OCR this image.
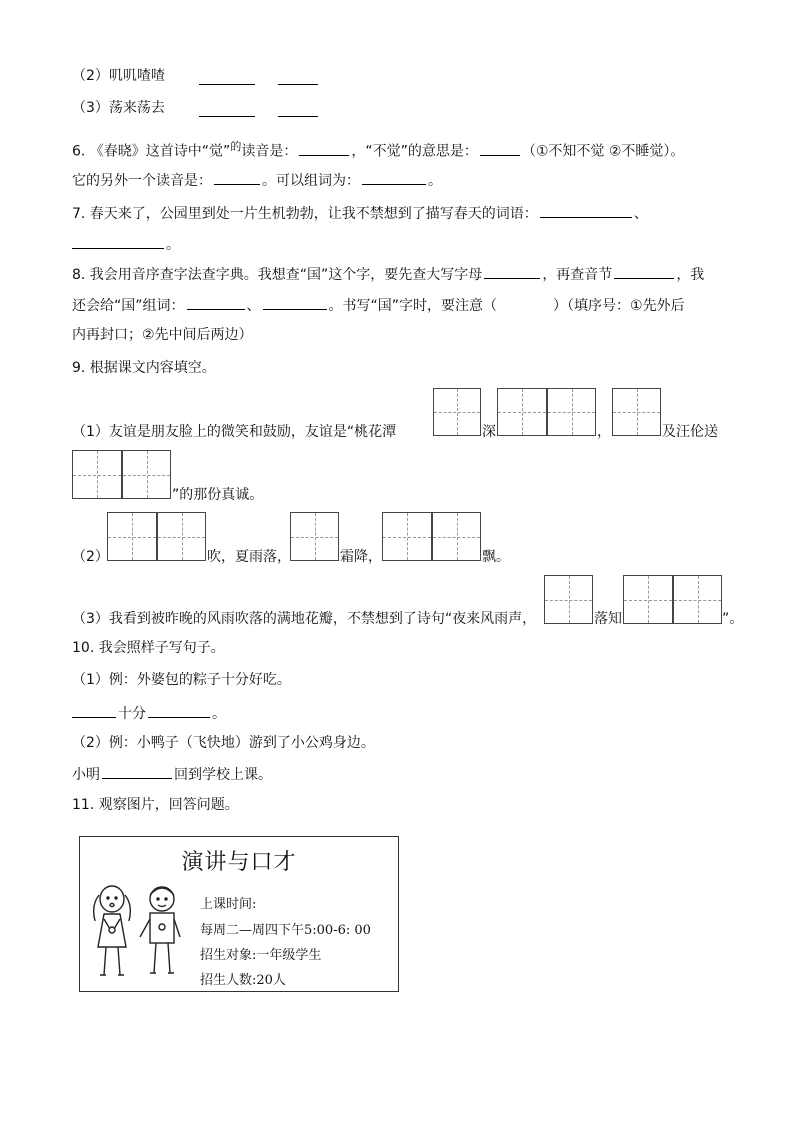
（2）叽叽喳喳
（3）荡来荡去
6. 《春晓》这首诗中“觉”$^的$读音是：	，“不觉”的意思是：	（①不知不觉 ②不睡觉）。
它的另外一个读音是：	。可以组词为：	。
7. 春天来了，公园里到处一片生机勃勃，让我不禁想到了描写春天的词语：	、
。
8. 我会用音序查字法查字典。我想查“国”这个字，要先查大写字母	，再查音节	，我
还会给“国”组词：	、	。书写“国”字时，要注意（	）（填序号：①先外后
内再封口；②先中间后两边）
9. 根据课文内容填空。
（1）友谊是朋友脸上的微笑和鼓励，友谊是“桃花潭	深	，	及汪伦送
”的那份真诚。
（2）	吹，夏雨落，	霜降，	飘。
（3）我看到被昨晚的风雨吹落的满地花瓣，不禁想到了诗句“夜来风雨声，	落知	”。
10. 我会照样子写句子。
（1）例：外婆包的粽子十分好吃。
十分	。
（2）例：小鸭子（飞快地）游到了小公鸡身边。
小明	回到学校上课。
11. 观察图片，回答问题。
演讲与口才
上课时间:
每周二—周四下午5:00-6: 00
招生对象:一年级学生
招生人数:20人
